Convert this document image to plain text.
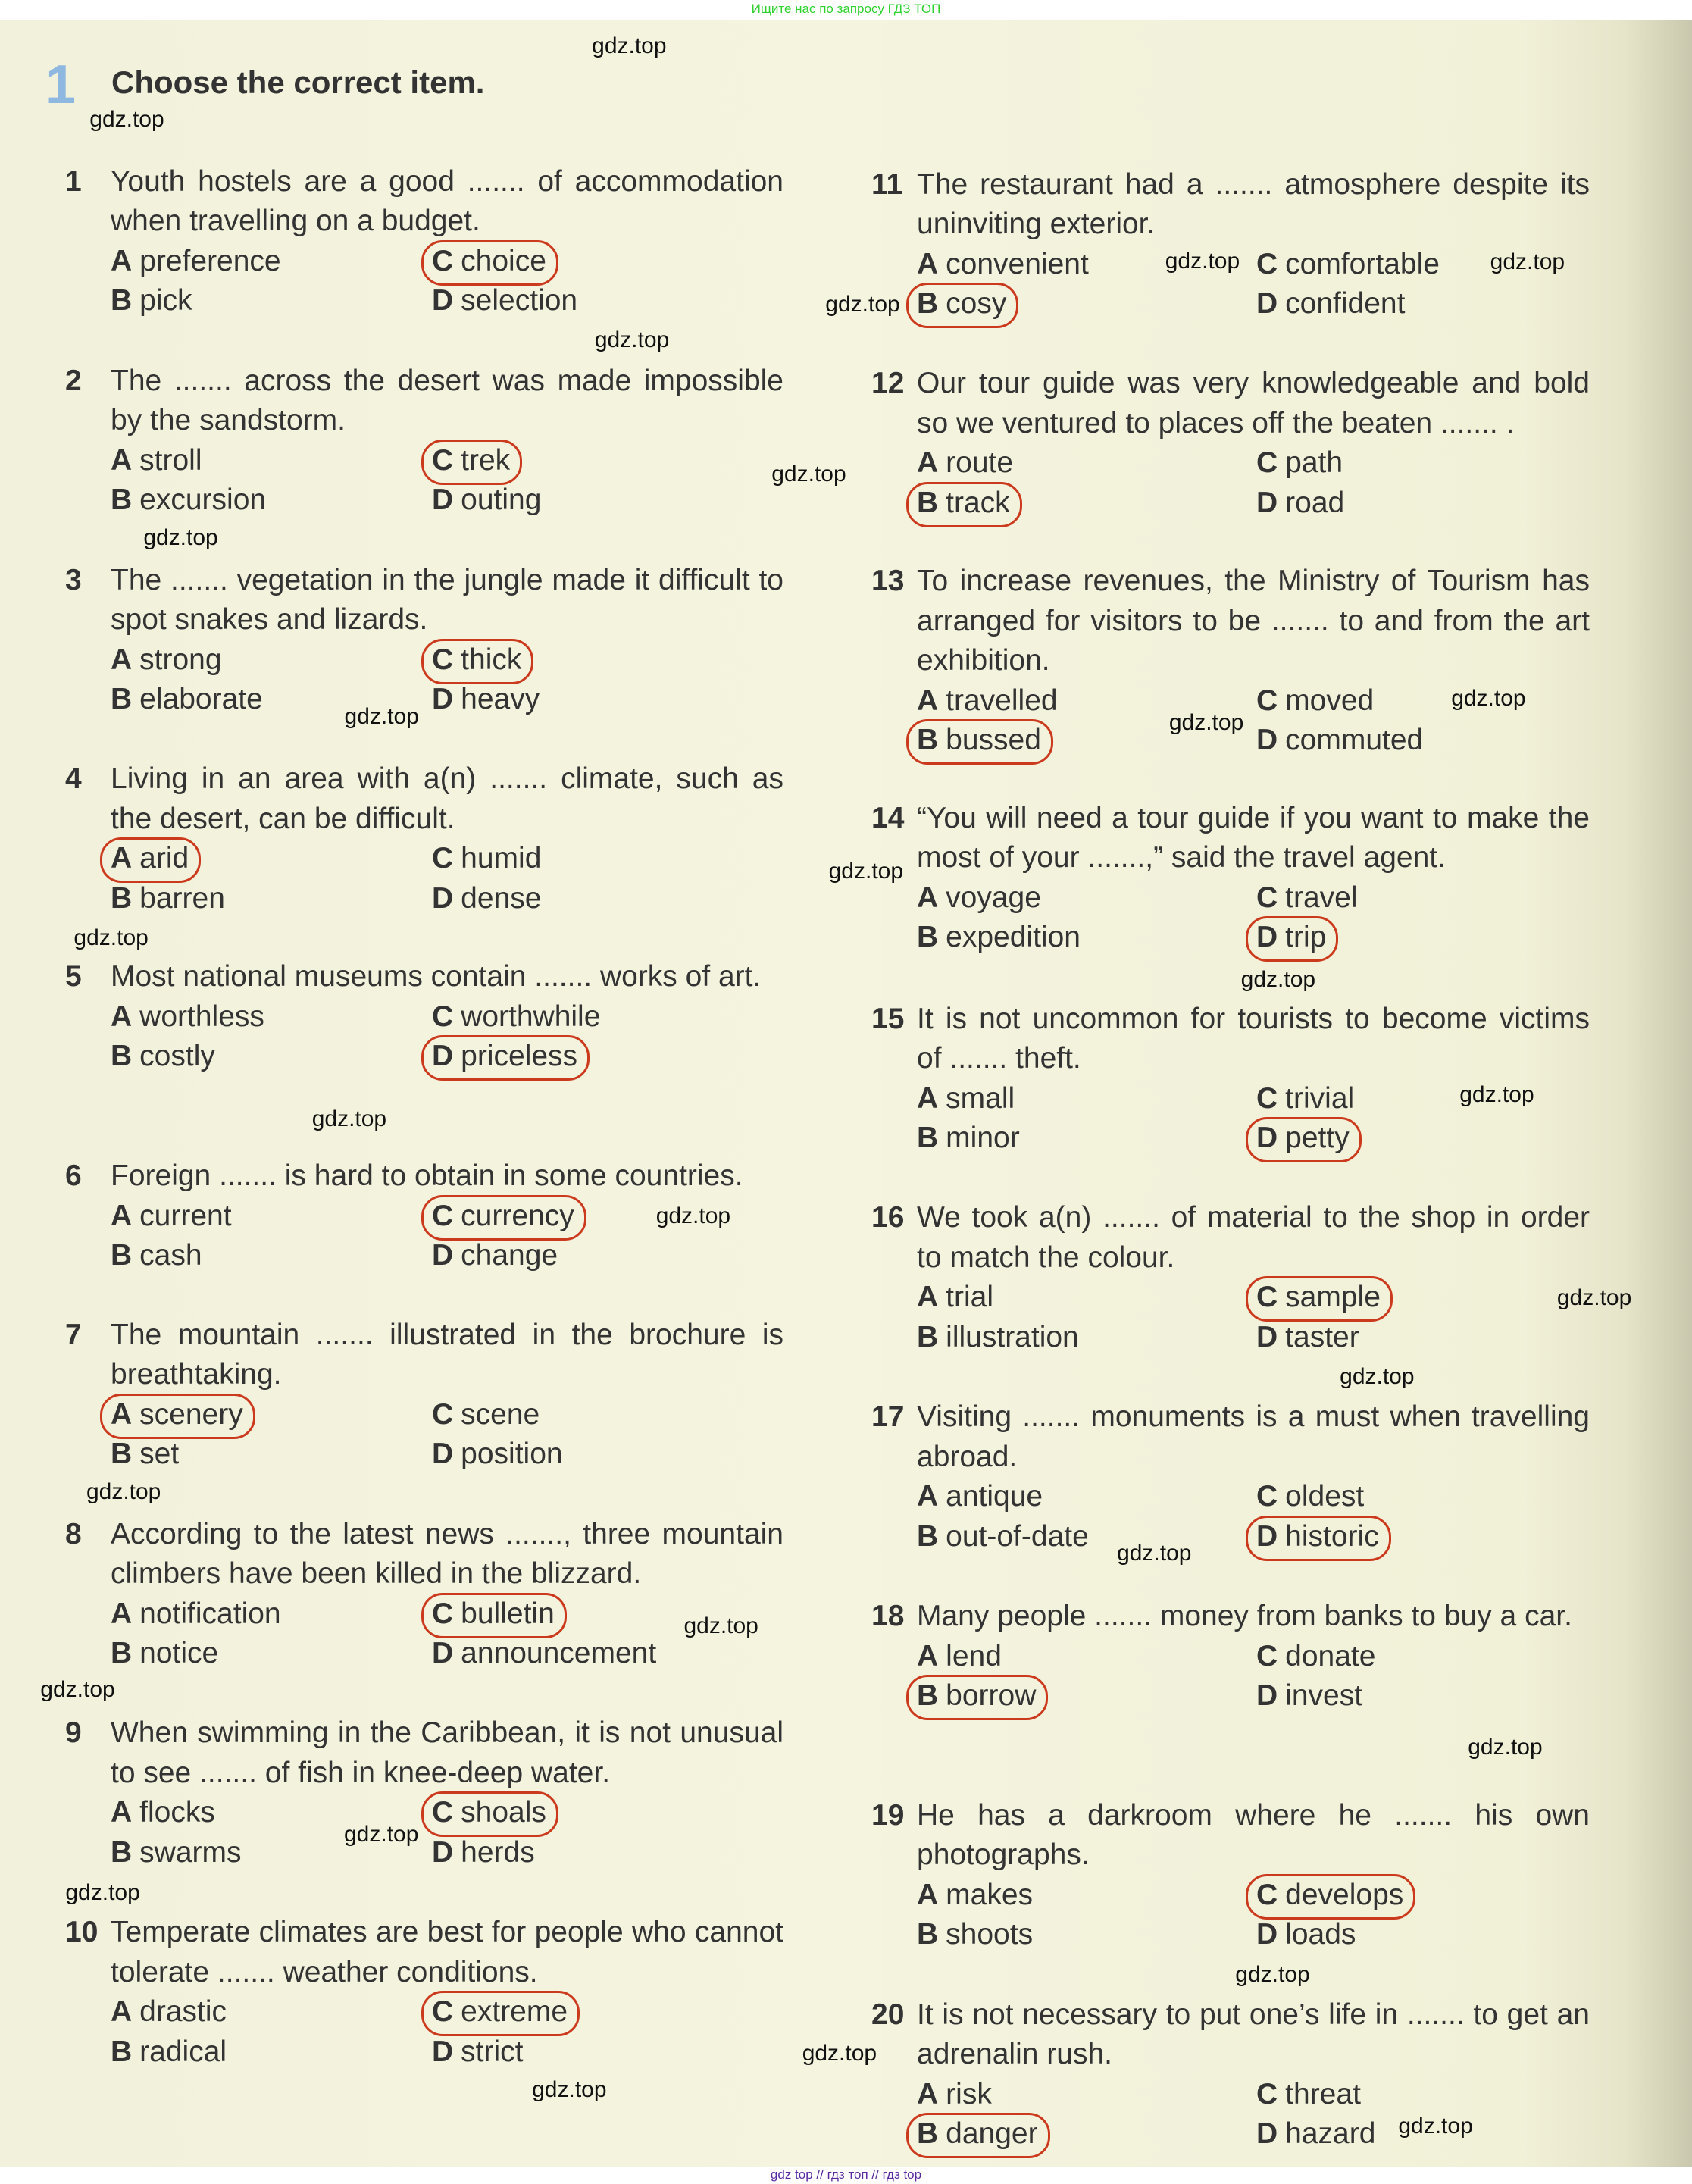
Ищите нас по запросу ГДЗ ТОП
1 Choose the correct item.
1 Youth hostels are a good ....... of accommodation when travelling on a budget.
A preference
B pick
C choice
D selection
2 The ....... across the desert was made impossible by the sandstorm.
A stroll
B excursion
C trek
D outing
3 The ....... vegetation in the jungle made it difficult to spot snakes and lizards.
A strong
B elaborate
C thick
D heavy
4 Living in an area with a(n) ....... climate, such as the desert, can be difficult.
A arid
B barren
C humid
D dense
5 Most national museums contain ....... works of art.
A worthless
B costly
C worthwhile
D priceless
6 Foreign ....... is hard to obtain in some countries.
A current
B cash
C currency
D change
7 The mountain ....... illustrated in the brochure is breathtaking.
A scenery
B set
C scene
D position
8 According to the latest news ......., three mountain climbers have been killed in the blizzard.
A notification
B notice
C bulletin
D announcement
9 When swimming in the Caribbean, it is not unusual to see ....... of fish in knee-deep water.
A flocks
B swarms
C shoals
D herds
10 Temperate climates are best for people who cannot tolerate ....... weather conditions.
A drastic
B radical
C extreme
D strict
11 The restaurant had a ....... atmosphere despite its uninviting exterior.
A convenient
B cosy
C comfortable
D confident
12 Our tour guide was very knowledgeable and bold so we ventured to places off the beaten ....... .
A route
B track
C path
D road
13 To increase revenues, the Ministry of Tourism has arranged for visitors to be ....... to and from the art exhibition.
A travelled
B bussed
C moved
D commuted
14 “You will need a tour guide if you want to make the most of your .......,” said the travel agent.
A voyage
B expedition
C travel
D trip
15 It is not uncommon for tourists to become victims of ....... theft.
A small
B minor
C trivial
D petty
16 We took a(n) ....... of material to the shop in order to match the colour.
A trial
B illustration
C sample
D taster
17 Visiting ....... monuments is a must when travelling abroad.
A antique
B out-of-date
C oldest
D historic
18 Many people ....... money from banks to buy a car.
A lend
B borrow
C donate
D invest
19 He has a darkroom where he ....... his own photographs.
A makes
B shoots
C develops
D loads
20 It is not necessary to put one’s life in ....... to get an adrenalin rush.
A risk
B danger
C threat
D hazard
gdz.top
gdz.top
gdz.top
gdz.top
gdz.top
gdz.top
gdz.top
gdz.top
gdz.top
gdz.top
gdz.top
gdz.top
gdz.top
gdz.top
gdz.top
gdz.top
gdz.top
gdz.top
gdz.top
gdz.top
gdz.top
gdz.top
gdz.top
gdz.top
gdz.top
gdz.top
gdz.top
gdz.top
gdz.top
gdz.top
gdz top // гдз топ // гдз top
